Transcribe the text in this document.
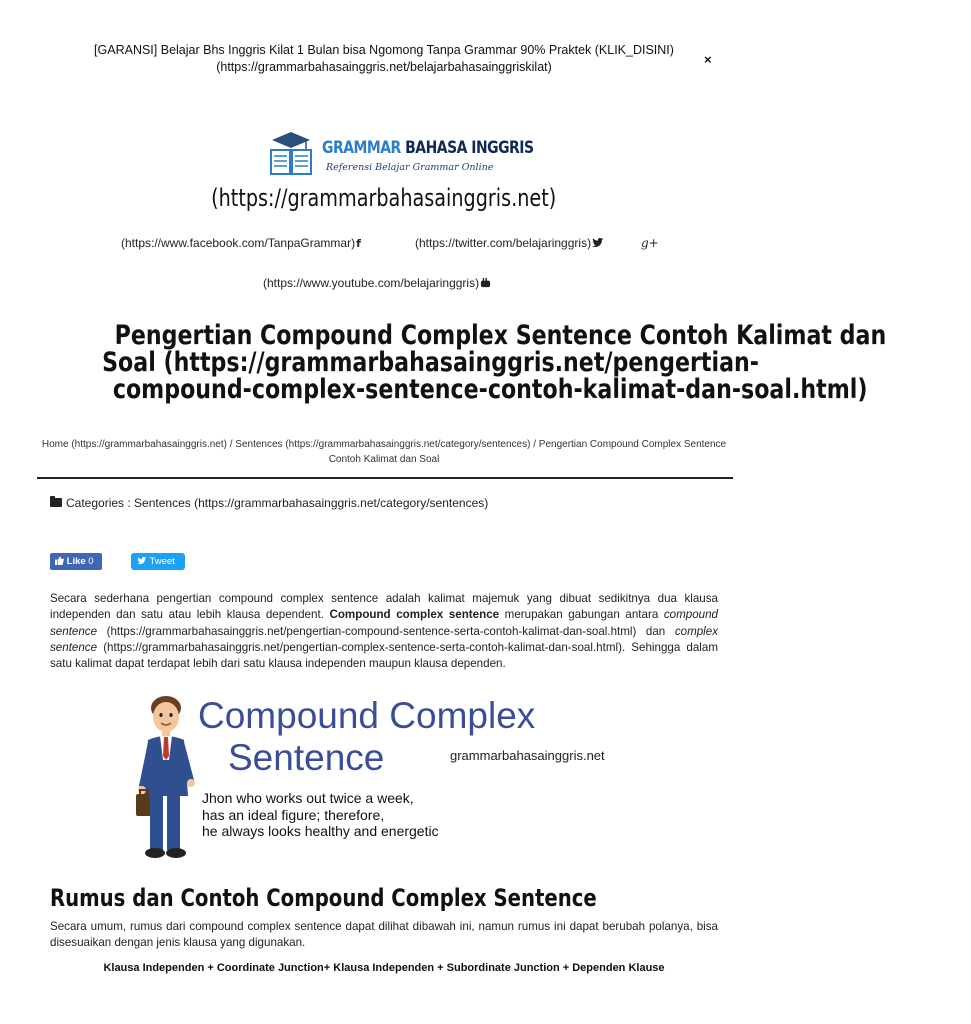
[GARANSI] Belajar Bhs Inggris Kilat 1 Bulan bisa Ngomong Tanpa Grammar 90% Praktek (KLIK_DISINI) (https://grammarbahasainggris.net/belajarbahasainggriskilat)	×
GRAMMAR BAHASA INGGRIS
Referensi Belajar Grammar Online
(https://grammarbahasainggris.net)
(https://www.facebook.com/TanpaGrammar)f	(https://twitter.com/belajaringgris)	g+
(https://www.youtube.com/belajaringgris)
Pengertian Compound Complex Sentence Contoh Kalimat dan
Soal (https://grammarbahasainggris.net/pengertian-
compound-complex-sentence-contoh-kalimat-dan-soal.html)
Home (https://grammarbahasainggris.net) / Sentences (https://grammarbahasainggris.net/category/sentences) / Pengertian Compound Complex Sentence Contoh Kalimat dan Soal
Categories : Sentences (https://grammarbahasainggris.net/category/sentences)
Like 0	Tweet

Secara sederhana pengertian compound complex sentence adalah kalimat majemuk yang dibuat sedikitnya dua klausa independen dan satu atau lebih klausa dependent. Compound complex sentence merupakan gabungan antara compound sentence (https://grammarbahasainggris.net/pengertian-compound-sentence-serta-contoh-kalimat-dan-soal.html) dan complex sentence (https://grammarbahasainggris.net/pengertian-complex-sentence-serta-contoh-kalimat-dan-soal.html). Sehingga dalam satu kalimat dapat terdapat lebih dari satu klausa independen maupun klausa dependen.

Compound Complex
Sentence	grammarbahasainggris.net
Jhon who works out twice a week,
has an ideal figure; therefore,
he always looks healthy and energetic
Rumus dan Contoh Compound Complex Sentence

Secara umum, rumus dari compound complex sentence dapat dilihat dibawah ini, namun rumus ini dapat berubah polanya, bisa disesuaikan dengan jenis klausa yang digunakan.

Klausa Independen + Coordinate Junction+ Klausa Independen + Subordinate Junction + Dependen Klause
